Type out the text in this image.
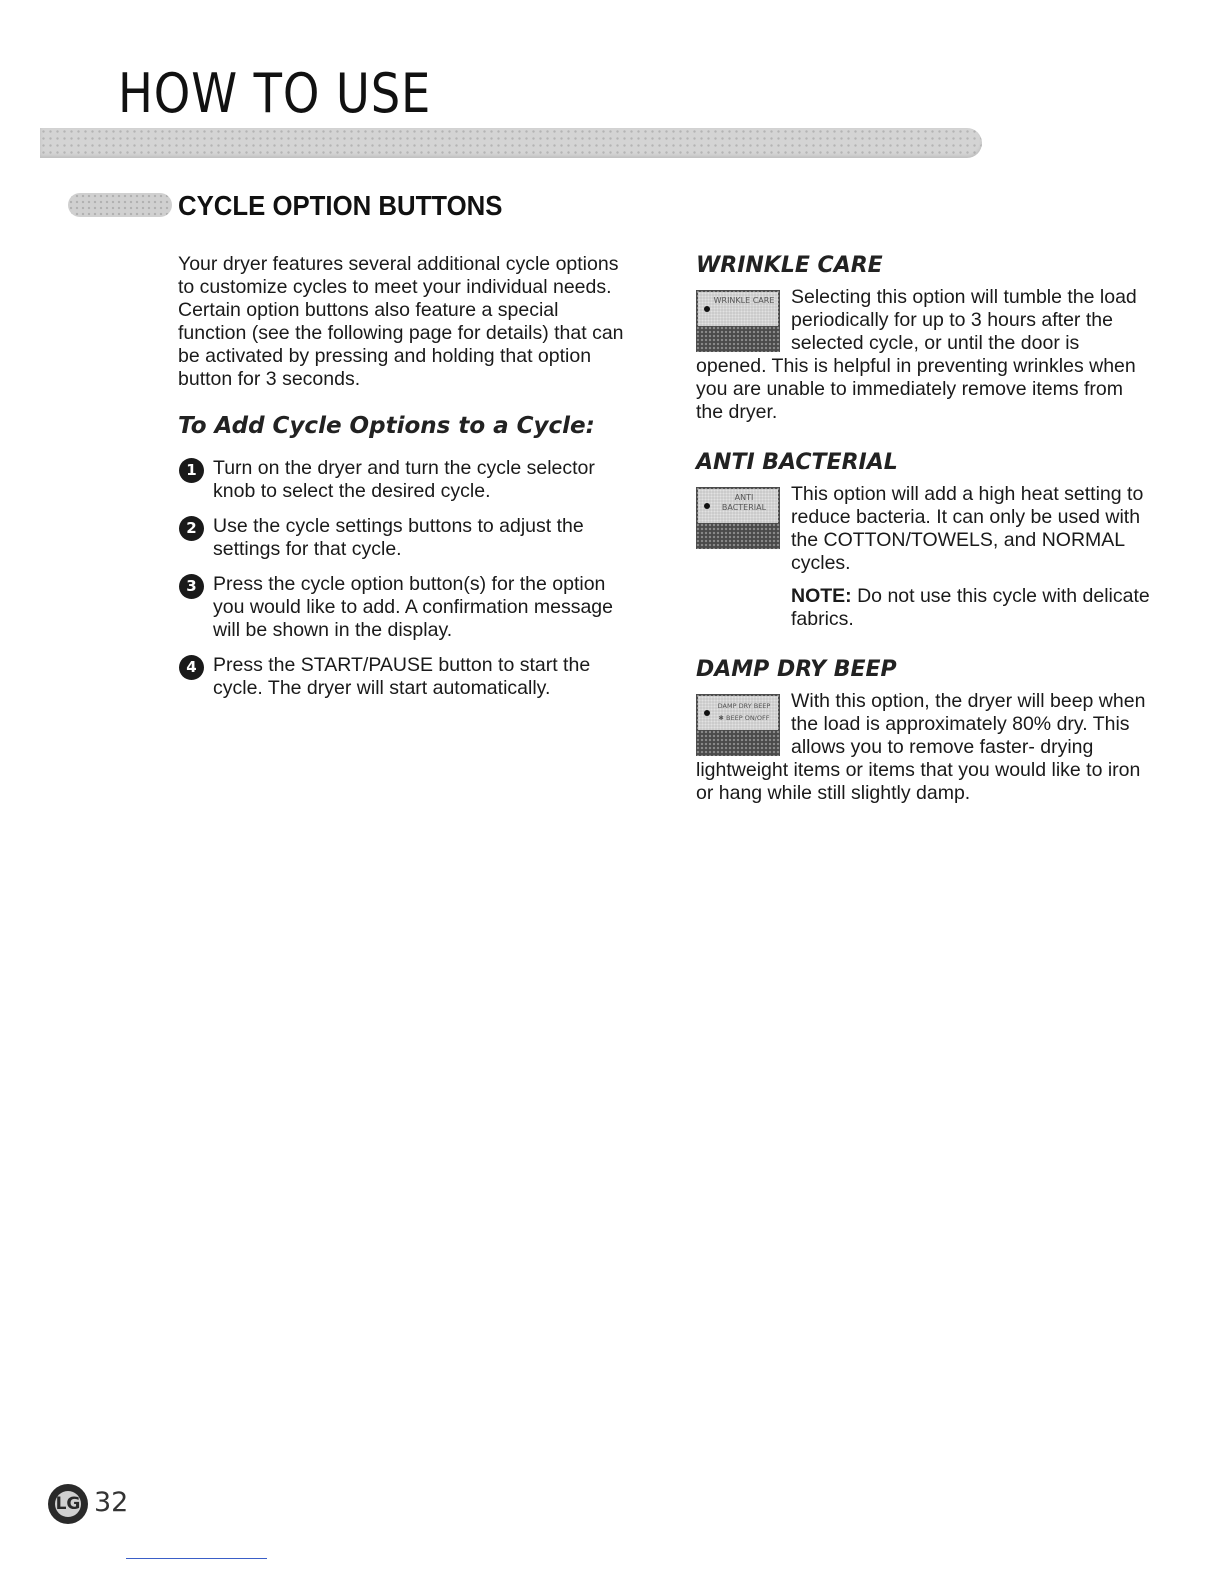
HOW TO USE
CYCLE OPTION BUTTONS

Your dryer features several additional cycle options to customize cycles to meet your individual needs. Certain option buttons also feature a special function (see the following page for details) that can be activated by pressing and holding that option button for 3 seconds.

To Add Cycle Options to a Cycle:
1 Turn on the dryer and turn the cycle selector knob to select the desired cycle.
2 Use the cycle settings buttons to adjust the settings for that cycle.
3 Press the cycle option button(s) for the option you would like to add. A confirmation message will be shown in the display.
4 Press the START/PAUSE button to start the cycle. The dryer will start automatically.
WRINKLE CARE
WRINKLE CARE Selecting this option will tumble the load periodically for up to 3 hours after the selected cycle, or until the door is opened. This is helpful in preventing wrinkles when you are unable to immediately remove items from the dryer.

ANTI BACTERIAL
ANTI BACTERIAL

This option will add a high heat setting to reduce bacteria. It can only be used with the COTTON/TOWELS, and NORMAL cycles.

NOTE: Do not use this cycle with delicate fabrics.

DAMP DRY BEEP
DAMP DRY BEEP
✱ BEEP ON/OFF

With this option, the dryer will beep when the load is approximately 80% dry. This allows you to remove faster- drying lightweight items or items that you would like to iron or hang while still slightly damp.

LG 32
